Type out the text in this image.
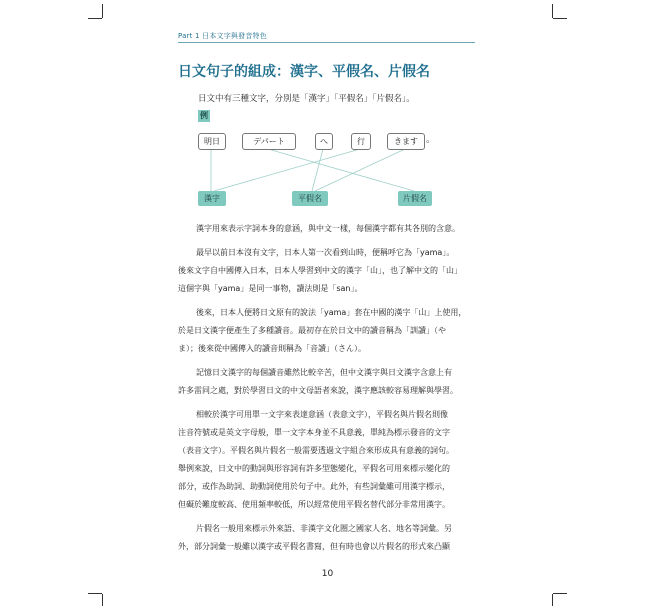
Part 1 日本文字與發音特色
日文句子的組成：漢字、平假名、片假名
日文中有三種文字，分別是「漢字」「平假名」「片假名」。
例
明日	デパート	へ	行	きます 。
漢字	平假名	片假名

漢字用來表示字詞本身的意涵，與中文一樣，每個漢字都有其各別的含意。

最早以前日本沒有文字，日本人第一次看到山時，便稱呼它為「yama」。
後來文字自中國傳入日本，日本人學習到中文的漢字「山」，也了解中文的「山」
這個字與「yama」是同一事物，讀法則是「san」。

後來，日本人便將日文原有的說法「yama」套在中國的漢字「山」上使用，
於是日文漢字便產生了多種讀音。最初存在於日文中的讀音稱為「訓讀」（や
ま）；後來從中國傳入的讀音則稱為「音讀」（さん）。

記憶日文漢字的每個讀音雖然比較辛苦，但中文漢字與日文漢字含意上有
許多雷同之處，對於學習日文的中文母語者來說，漢字應該較容易理解與學習。

相較於漢字可用單一文字來表達意涵（表意文字），平假名與片假名則像
注音符號或是英文字母般，單一文字本身並不具意義，單純為標示發音的文字
（表音文字）。平假名與片假名一般需要透過文字組合來形成具有意義的詞句。
舉例來說，日文中的動詞與形容詞有許多型態變化，平假名可用來標示變化的
部分，或作為助詞、助動詞使用於句子中。此外，有些詞彙雖可用漢字標示，
但礙於難度較高、使用頻率較低，所以經常使用平假名替代部分非常用漢字。

片假名一般用來標示外來語、非漢字文化圈之國家人名、地名等詞彙。另
外，部分詞彙一般雖以漢字或平假名書寫，但有時也會以片假名的形式來凸顯

10
